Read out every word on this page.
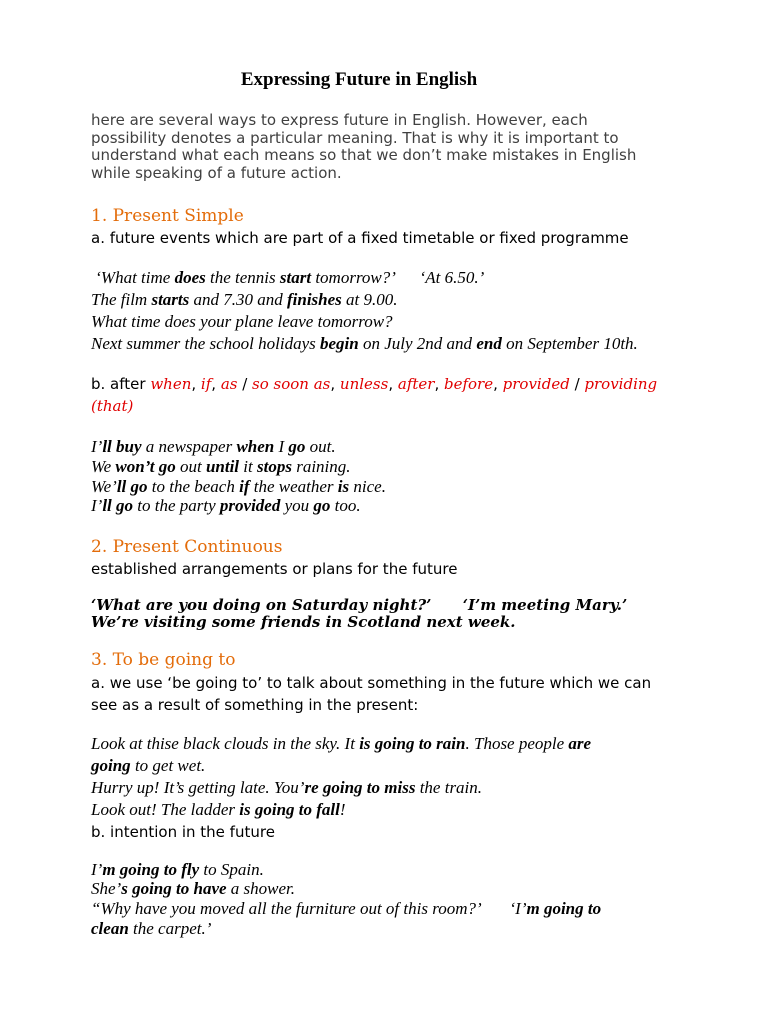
Expressing Future in English
here are several ways to express future in English. However, each
possibility denotes a particular meaning. That is why it is important to
understand what each means so that we don’t make mistakes in English
while speaking of a future action.
1. Present Simple
a. future events which are part of a fixed timetable or fixed programme
‘What time does the tennis start tomorrow?’      ‘At 6.50.’
The film starts and 7.30 and finishes at 9.00.
What time does your plane leave tomorrow?
Next summer the school holidays begin on July 2nd and end on September 10th.
b. after when, if, as / so soon as, unless, after, before, provided / providing
(that)
I’ll buy a newspaper when I go out.
We won’t go out until it stops raining.
We’ll go to the beach if the weather is nice.
I’ll go to the party provided you go too.
2. Present Continuous
established arrangements or plans for the future
‘What are you doing on Saturday night?’ ‘I’m meeting Mary.’
We’re visiting some friends in Scotland next week.
3. To be going to
a. we use ‘be going to’ to talk about something in the future which we can
see as a result of something in the present:
Look at thise black clouds in the sky. It is going to rain. Those people are
going to get wet.
Hurry up! It’s getting late. You’re going to miss the train.
Look out! The ladder is going to fall!
b. intention in the future
I’m going to fly to Spain.
She’s going to have a shower.
“Why have you moved all the furniture out of this room?’       ‘I’m going to
clean the carpet.’
